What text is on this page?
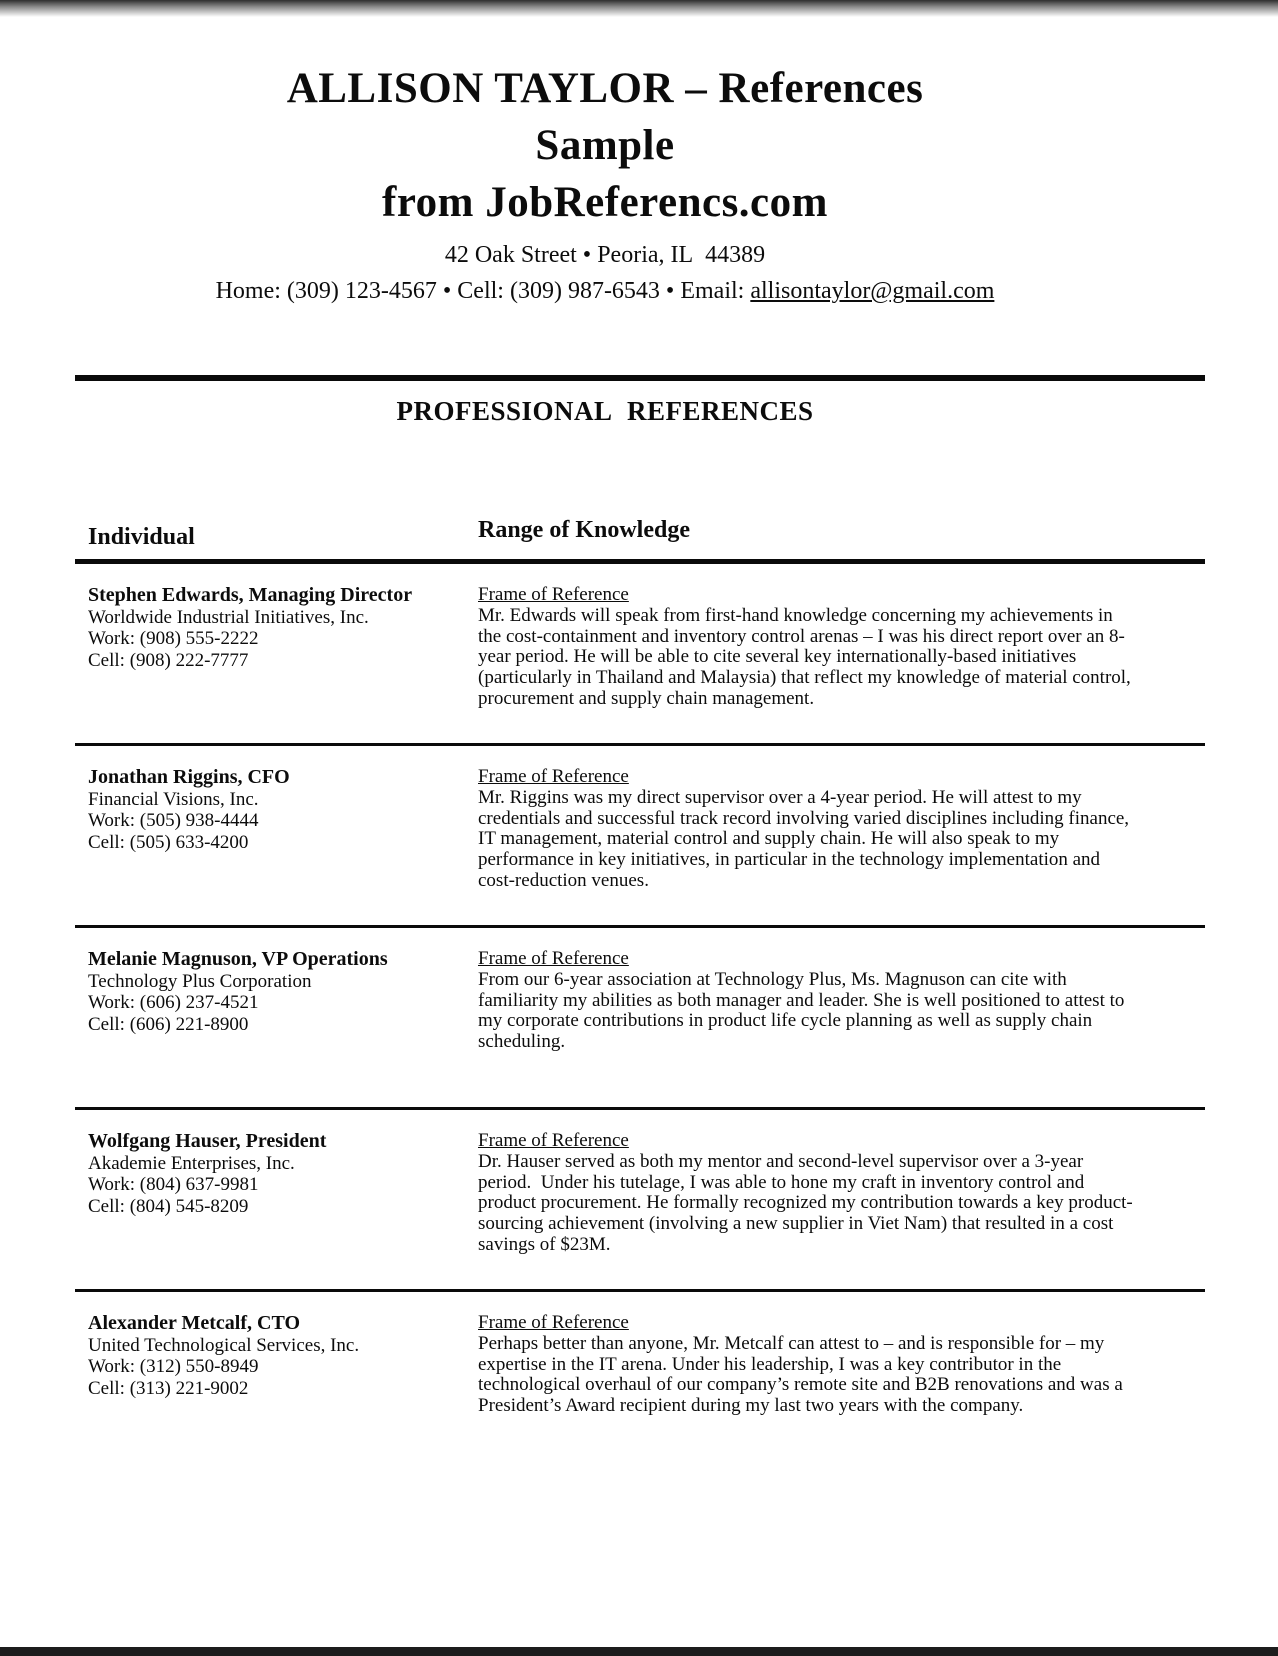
ALLISON TAYLOR – References
Sample
from JobReferencs.com
42 Oak Street • Peoria, IL  44389
Home: (309) 123-4567 • Cell: (309) 987-6543 • Email: allisontaylor@gmail.com
PROFESSIONAL  REFERENCES
Individual	Range of Knowledge
Stephen Edwards, Managing Director
Worldwide Industrial Initiatives, Inc.
Work: (908) 555-2222
Cell: (908) 222-7777
Frame of Reference

Mr. Edwards will speak from first-hand knowledge concerning my achievements in the cost-containment and inventory control arenas – I was his direct report over an 8-year period. He will be able to cite several key internationally-based initiatives (particularly in Thailand and Malaysia) that reflect my knowledge of material control, procurement and supply chain management.

Jonathan Riggins, CFO
Financial Visions, Inc.
Work: (505) 938-4444
Cell: (505) 633-4200
Frame of Reference

Mr. Riggins was my direct supervisor over a 4-year period. He will attest to my credentials and successful track record involving varied disciplines including finance, IT management, material control and supply chain. He will also speak to my performance in key initiatives, in particular in the technology implementation and cost-reduction venues.

Melanie Magnuson, VP Operations
Technology Plus Corporation
Work: (606) 237-4521
Cell: (606) 221-8900
Frame of Reference

From our 6-year association at Technology Plus, Ms. Magnuson can cite with familiarity my abilities as both manager and leader. She is well positioned to attest to my corporate contributions in product life cycle planning as well as supply chain scheduling.

Wolfgang Hauser, President
Akademie Enterprises, Inc.
Work: (804) 637-9981
Cell: (804) 545-8209
Frame of Reference

Dr. Hauser served as both my mentor and second-level supervisor over a 3-year period.  Under his tutelage, I was able to hone my craft in inventory control and product procurement. He formally recognized my contribution towards a key product-sourcing achievement (involving a new supplier in Viet Nam) that resulted in a cost savings of $23M.

Alexander Metcalf, CTO
United Technological Services, Inc.
Work: (312) 550-8949
Cell: (313) 221-9002
Frame of Reference

Perhaps better than anyone, Mr. Metcalf can attest to – and is responsible for – my expertise in the IT arena. Under his leadership, I was a key contributor in the technological overhaul of our company’s remote site and B2B renovations and was a President’s Award recipient during my last two years with the company.
